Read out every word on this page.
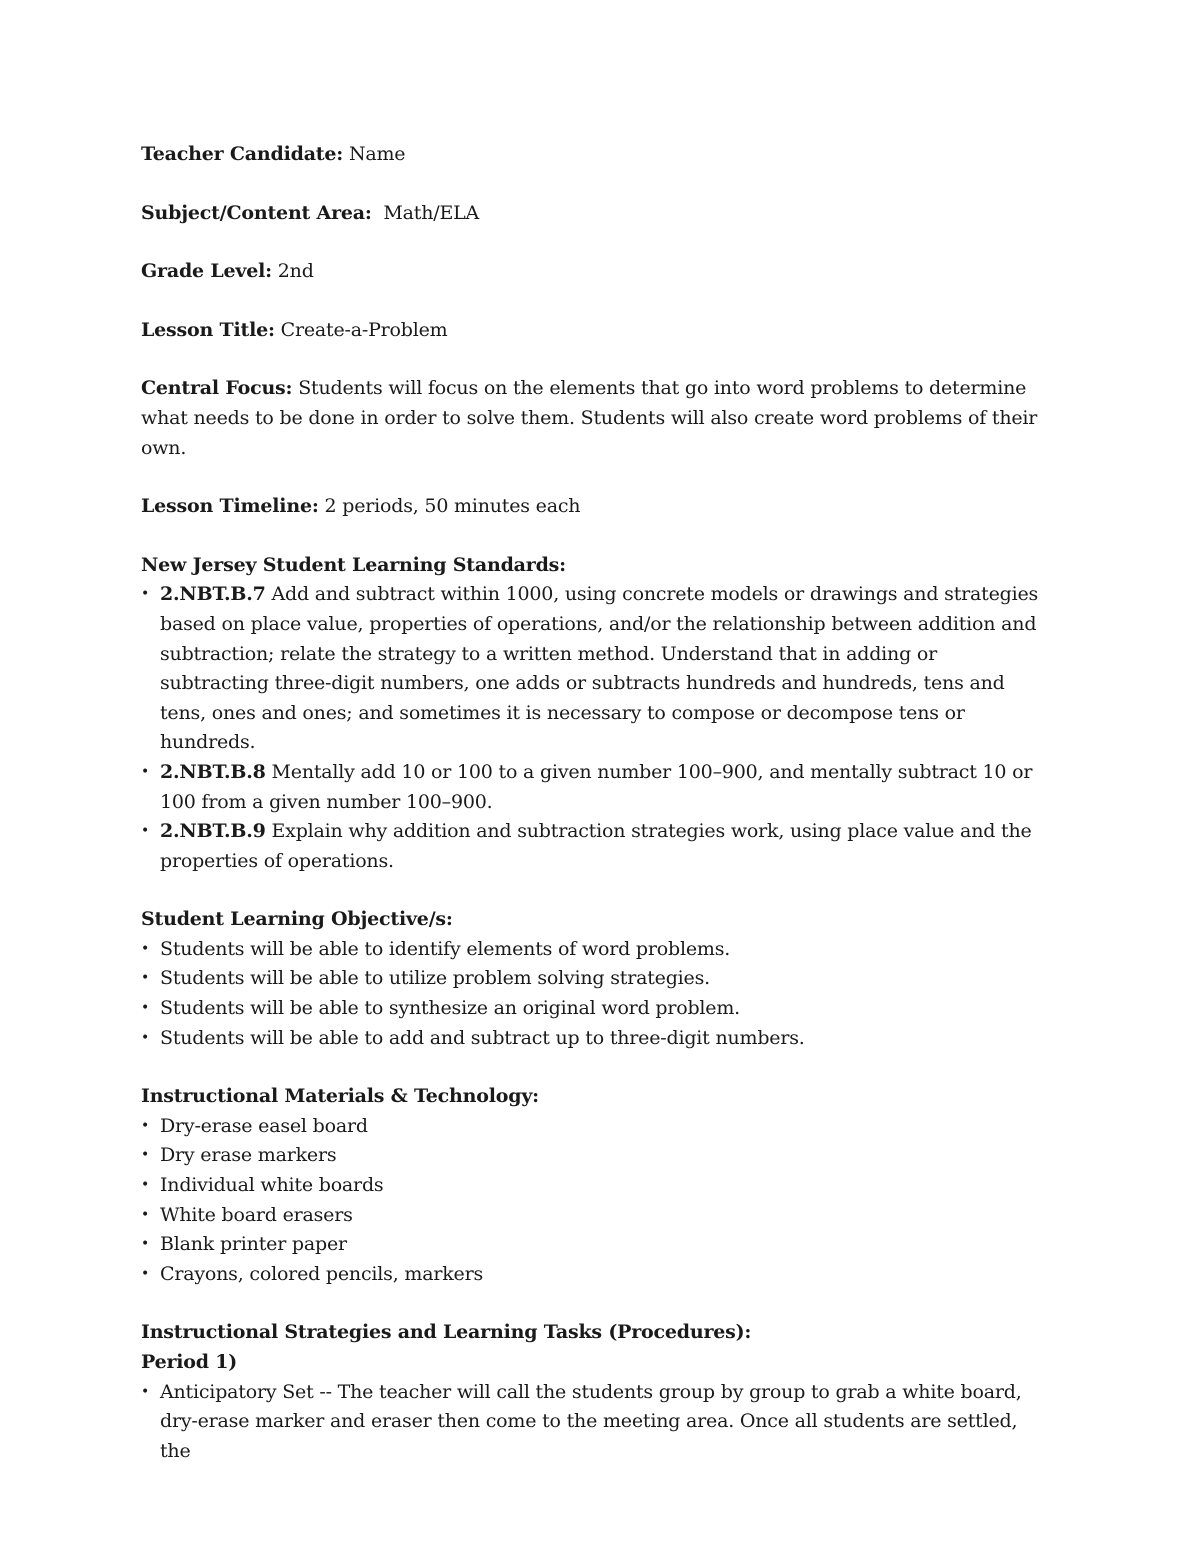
Teacher Candidate: Name

Subject/Content Area: Math/ELA

Grade Level: 2nd

Lesson Title: Create-a-Problem

Central Focus: Students will focus on the elements that go into word problems to determine what needs to be done in order to solve them. Students will also create word problems of their own.

Lesson Timeline: 2 periods, 50 minutes each

New Jersey Student Learning Standards:

• 2.NBT.B.7 Add and subtract within 1000, using concrete models or drawings and strategies based on place value, properties of operations, and/or the relationship between addition and subtraction; relate the strategy to a written method. Understand that in adding or subtracting three-digit numbers, one adds or subtracts hundreds and hundreds, tens and tens, ones and ones; and sometimes it is necessary to compose or decompose tens or hundreds.
• 2.NBT.B.8 Mentally add 10 or 100 to a given number 100–900, and mentally subtract 10 or 100 from a given number 100–900.
• 2.NBT.B.9 Explain why addition and subtraction strategies work, using place value and the properties of operations.

Student Learning Objective/s:

• Students will be able to identify elements of word problems.
• Students will be able to utilize problem solving strategies.
• Students will be able to synthesize an original word problem.
• Students will be able to add and subtract up to three-digit numbers.

Instructional Materials & Technology:

• Dry-erase easel board
• Dry erase markers
• Individual white boards
• White board erasers
• Blank printer paper
• Crayons, colored pencils, markers

Instructional Strategies and Learning Tasks (Procedures):

Period 1)

• Anticipatory Set -- The teacher will call the students group by group to grab a white board, dry-erase marker and eraser then come to the meeting area. Once all students are settled, the
